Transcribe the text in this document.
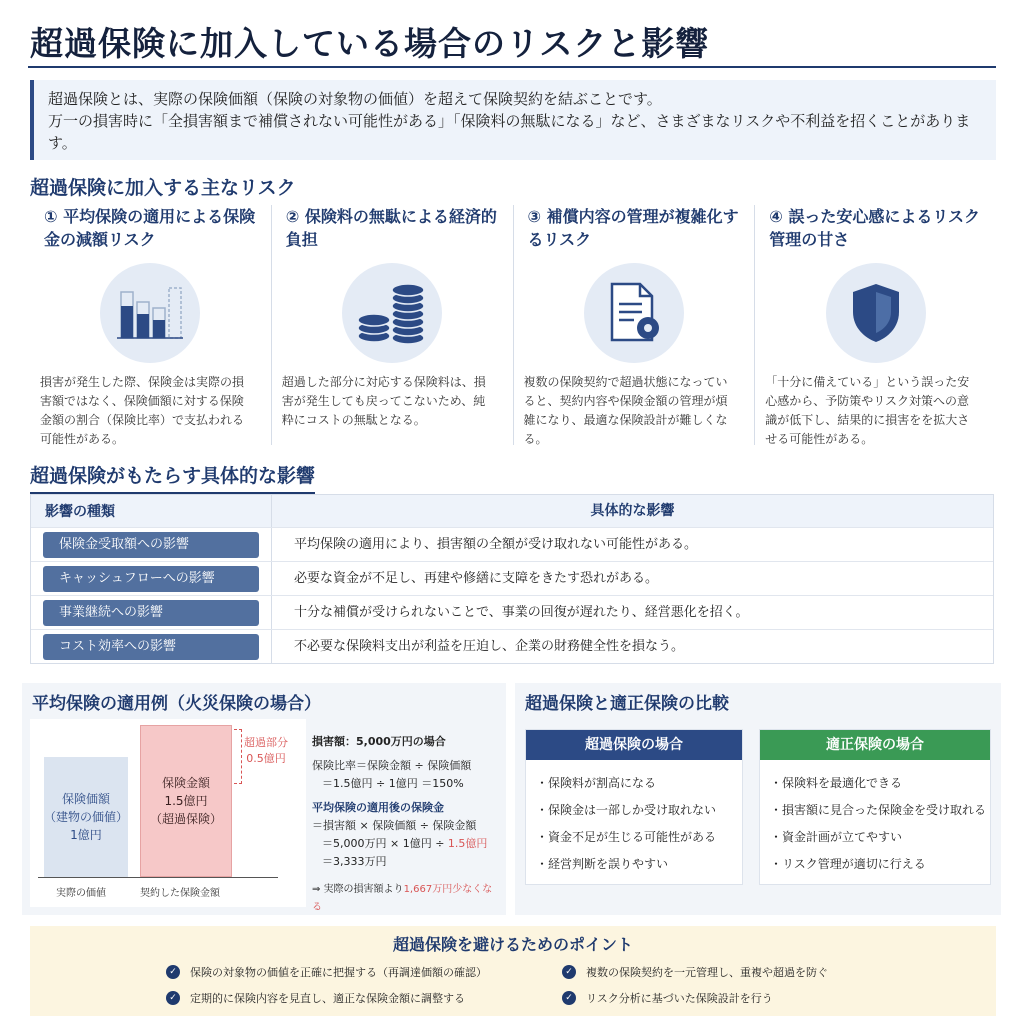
超過保険に加入している場合のリスクと影響
超過保険とは、実際の保険価額（保険の対象物の価値）を超えて保険契約を結ぶことです。
万一の損害時に「全損害額まで補償されない可能性がある」「保険料の無駄になる」など、さまざまなリスクや不利益を招くことがあります。
超過保険に加入する主なリスク
① 平均保険の適用による保険金の減額リスク
損害が発生した際、保険金は実際の損害額ではなく、保険価額に対する保険金額の割合（保険比率）で支払われる可能性がある。
② 保険料の無駄による経済的負担
超過した部分に対応する保険料は、損害が発生しても戻ってこないため、純粋にコストの無駄となる。
③ 補償内容の管理が複雑化するリスク
複数の保険契約で超過状態になっていると、契約内容や保険金額の管理が煩雑になり、最適な保険設計が難しくなる。
④ 誤った安心感によるリスク管理の甘さ
「十分に備えている」という誤った安心感から、予防策やリスク対策への意識が低下し、結果的に損害をを拡大させる可能性がある。
超過保険がもたらす具体的な影響
影響の種類	具体的な影響
保険金受取額への影響	平均保険の適用により、損害額の全額が受け取れない可能性がある。
キャッシュフローへの影響	必要な資金が不足し、再建や修繕に支障をきたす恐れがある。
事業継続への影響	十分な補償が受けられないことで、事業の回復が遅れたり、経営悪化を招く。
コスト効率への影響	不必要な保険料支出が利益を圧迫し、企業の財務健全性を損なう。
平均保険の適用例（火災保険の場合）
保険価額
（建物の価値）
1億円
保険金額
1.5億円
（超過保険）
超過部分
0.5億円
実際の価値	契約した保険金額
損害額：5,000万円の場合
保険比率＝保険金額 ÷ 保険価額
＝1.5億円 ÷ 1億円 ＝150%
平均保険の適用後の保険金
＝損害額 × 保険価額 ÷ 保険金額
＝5,000万円 × 1億円 ÷ 1.5億円
＝3,333万円
⇒ 実際の損害額より1,667万円少なくなる
超過保険と適正保険の比較
超過保険の場合
・保険料が割高になる
・保険金は一部しか受け取れない
・資金不足が生じる可能性がある
・経営判断を誤りやすい
適正保険の場合
・保険料を最適化できる
・損害額に見合った保険金を受け取れる
・資金計画が立てやすい
・リスク管理が適切に行える
超過保険を避けるためのポイント
✓ 保険の対象物の価値を正確に把握する（再調達価額の確認）	✓ 複数の保険契約を一元管理し、重複や超過を防ぐ
✓ 定期的に保険内容を見直し、適正な保険金額に調整する	✓ リスク分析に基づいた保険設計を行う
